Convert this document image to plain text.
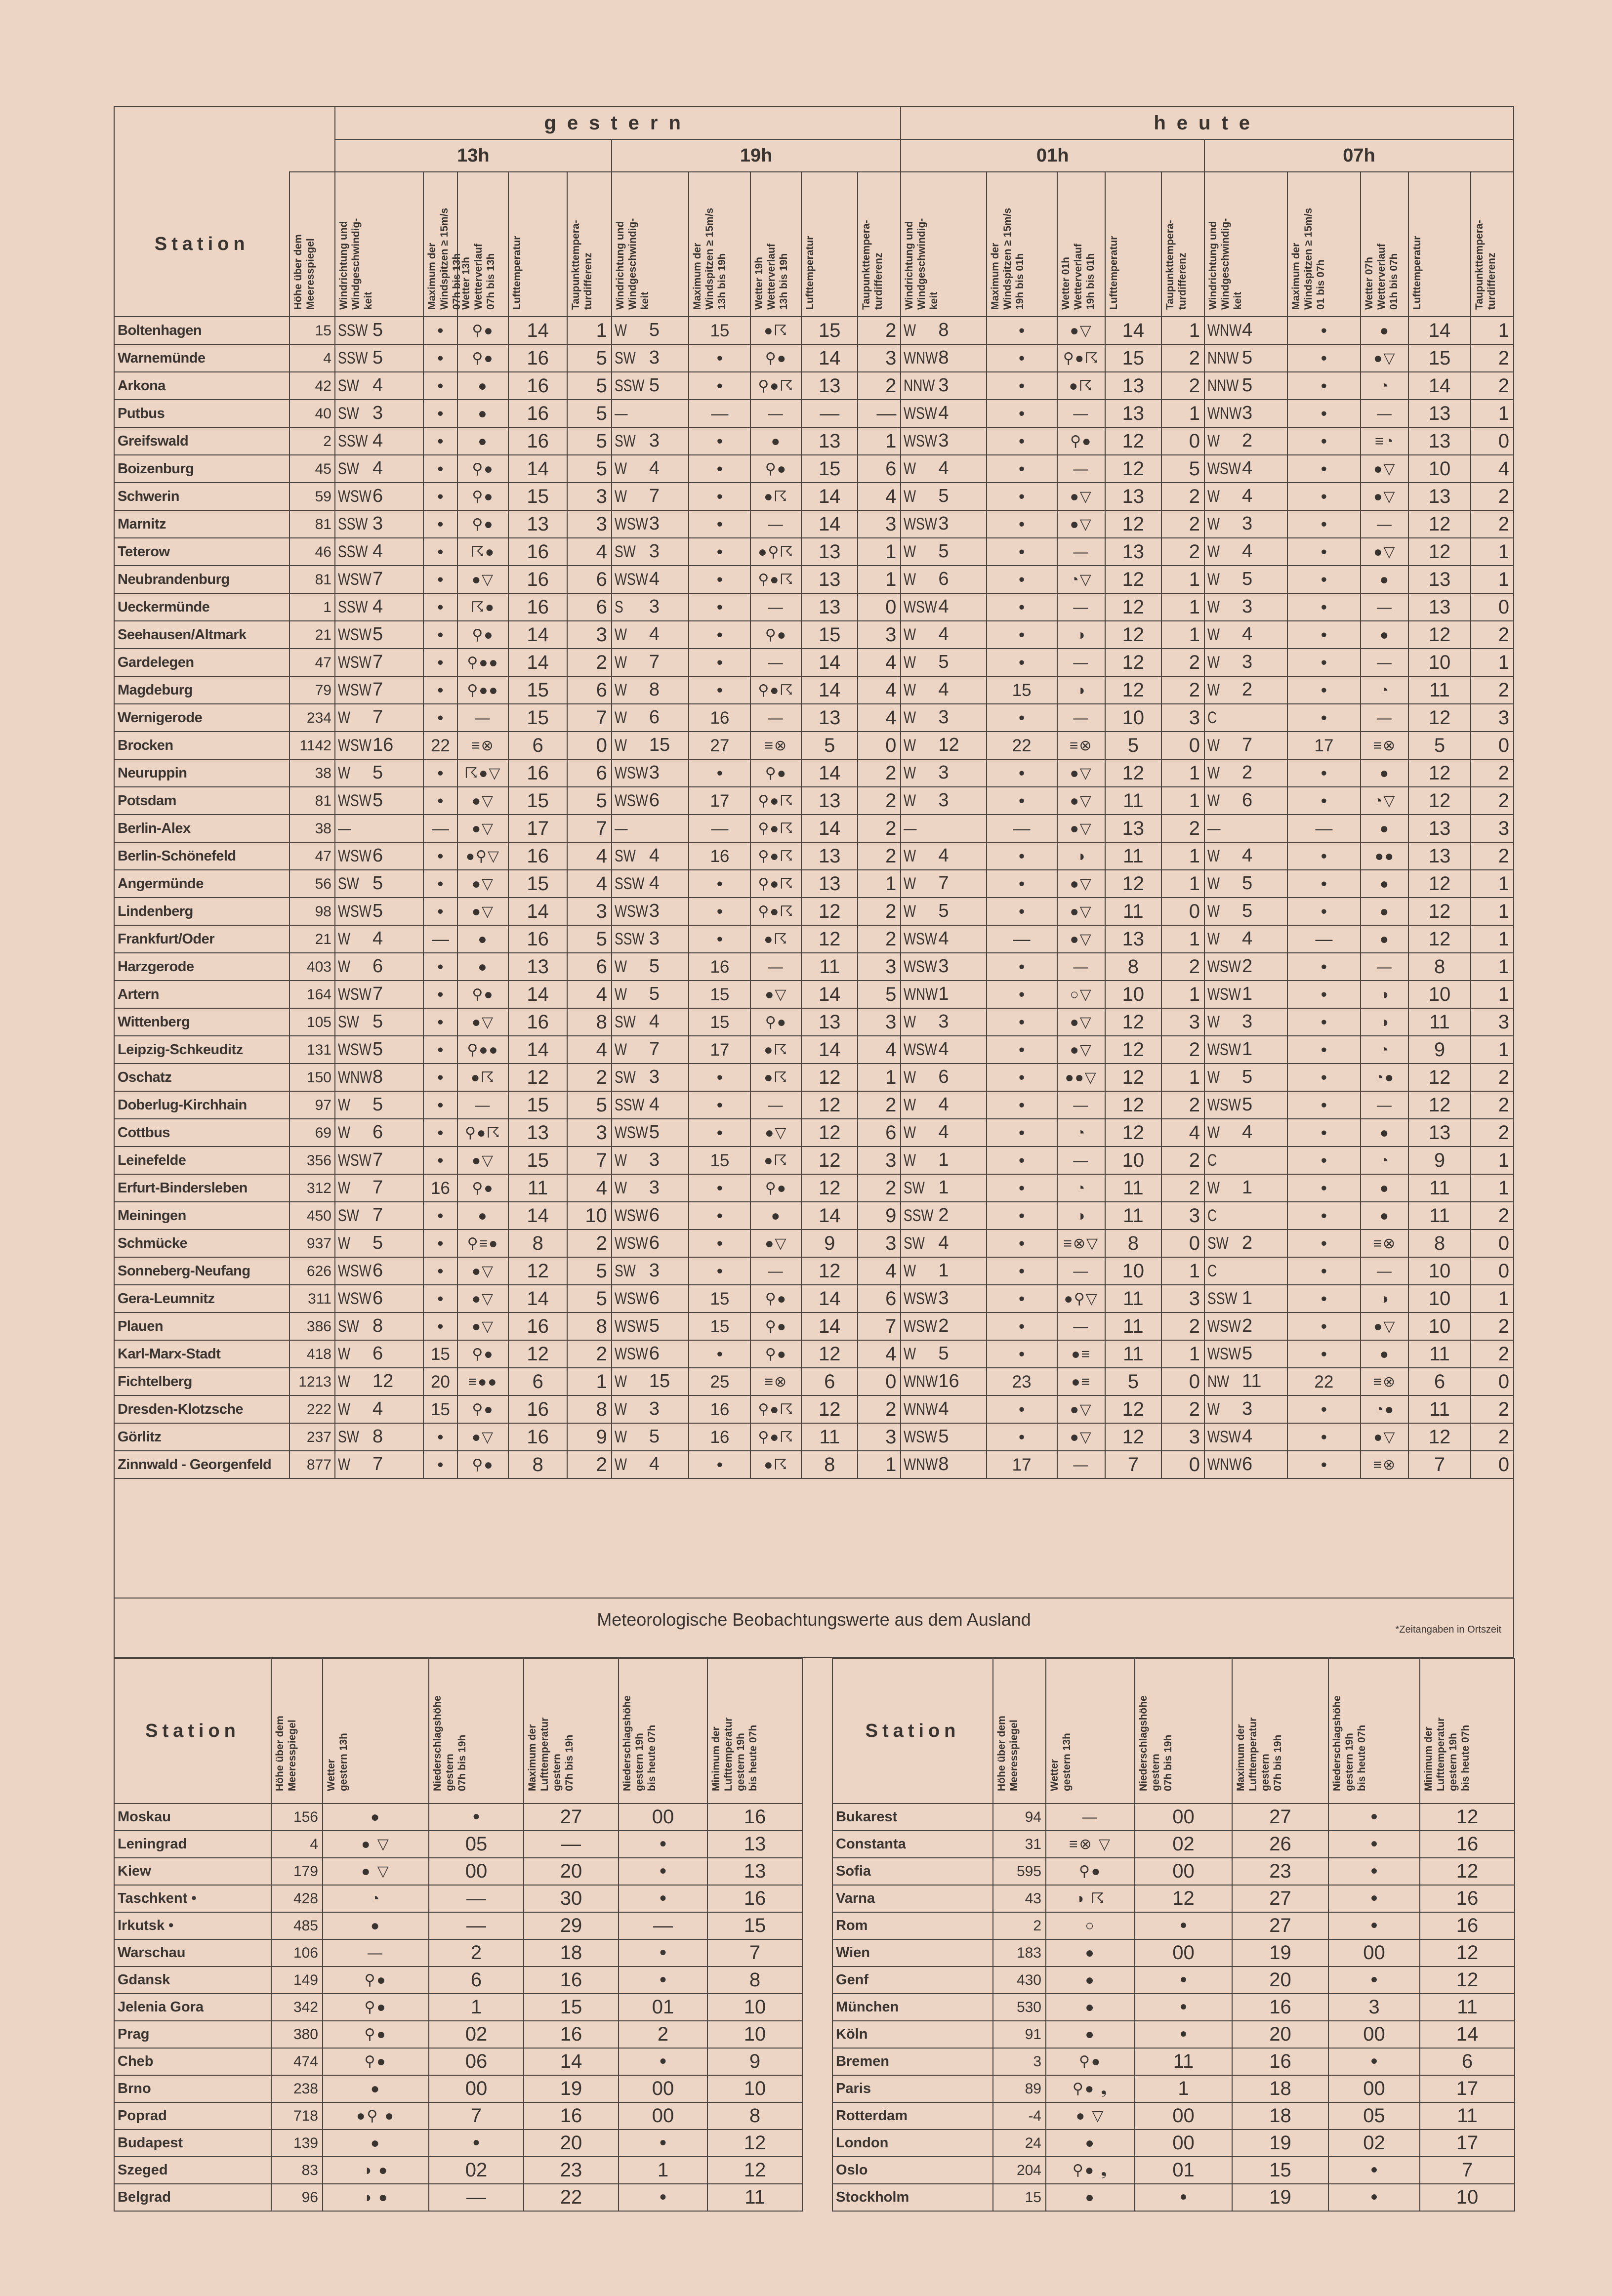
		gestern										heute									
		13h					19h					01h					07h				
Station	Höhe über dem
Meeresspiegel	Windrichtung und
Windgeschwindig-
keit	Maximum der
Windspitzen ≥ 15m/s
07h bis 13h	Wetter 13h
Wetterverlauf
07h bis 13h	Lufttemperatur	Taupunkttempera-
turdifferenz	Windrichtung und
Windgeschwindig-
keit	Maximum der
Windspitzen ≥ 15m/s
13h bis 19h	Wetter 19h
Wetterverlauf
13h bis 19h	Lufttemperatur	Taupunkttempera-
turdifferenz	Windrichtung und
Windgeschwindig-
keit	Maximum der
Windspitzen ≥ 15m/s
19h bis 01h	Wetter 01h
Wetterverlauf
19h bis 01h	Lufttemperatur	Taupunkttempera-
turdifferenz	Windrichtung und
Windgeschwindig-
keit	Maximum der
Windspitzen ≥ 15m/s
01 bis 07h	Wetter 07h
Wetterverlauf
01h bis 07h	Lufttemperatur	Taupunkttempera-
turdifferenz
Boltenhagen	15	SSW 5	•	⚲●	14	1	W 5	15	●☈	15	2	W 8	•	●▽	14	1	WNW4	•	●	14	1
Warnemünde	4	SSW 5	•	⚲●	16	5	SW 3	•	⚲●	14	3	WNW8	•	⚲●☈	15	2	NNW 5	•	●▽	15	2
Arkona	42	SW 4	•	●	16	5	SSW 5	•	⚲●☈	13	2	NNW 3	•	●☈	13	2	NNW 5	•	◔	14	2
Putbus	40	SW 3	•	●	16	5	—	—	—	—	—	WSW4	•	—	13	1	WNW3	•	—	13	1
Greifswald	2	SSW 4	•	●	16	5	SW 3	•	●	13	1	WSW3	•	⚲●	12	0	W 2	•	≡◔	13	0
Boizenburg	45	SW 4	•	⚲●	14	5	W 4	•	⚲●	15	6	W 4	•	—	12	5	WSW4	•	●▽	10	4
Schwerin	59	WSW6	•	⚲●	15	3	W 7	•	●☈	14	4	W 5	•	●▽	13	2	W 4	•	●▽	13	2
Marnitz	81	SSW 3	•	⚲●	13	3	WSW3	•	—	14	3	WSW3	•	●▽	12	2	W 3	•	—	12	2
Teterow	46	SSW 4	•	☈●	16	4	SW 3	•	●⚲☈	13	1	W 5	•	—	13	2	W 4	•	●▽	12	1
Neubrandenburg	81	WSW7	•	●▽	16	6	WSW4	•	⚲●☈	13	1	W 6	•	◔▽	12	1	W 5	•	●	13	1
Ueckermünde	1	SSW 4	•	☈●	16	6	S 3	•	—	13	0	WSW4	•	—	12	1	W 3	•	—	13	0
Seehausen/Altmark	21	WSW5	•	⚲●	14	3	W 4	•	⚲●	15	3	W 4	•	◑	12	1	W 4	•	●	12	2
Gardelegen	47	WSW7	•	⚲●●	14	2	W 7	•	—	14	4	W 5	•	—	12	2	W 3	•	—	10	1
Magdeburg	79	WSW7	•	⚲●●	15	6	W 8	•	⚲●☈	14	4	W 4	15	◑	12	2	W 2	•	◔	11	2
Wernigerode	234	W 7	•	—	15	7	W 6	16	—	13	4	W 3	•	—	10	3	C	•	—	12	3
Brocken	1142	WSW16	22	≡⊗	6	0	W 15	27	≡⊗	5	0	W 12	22	≡⊗	5	0	W 7	17	≡⊗	5	0
Neuruppin	38	W 5	•	☈●▽	16	6	WSW3	•	⚲●	14	2	W 3	•	●▽	12	1	W 2	•	●	12	2
Potsdam	81	WSW5	•	●▽	15	5	WSW6	17	⚲●☈	13	2	W 3	•	●▽	11	1	W 6	•	◔▽	12	2
Berlin-Alex	38	—	—	●▽	17	7	—	—	⚲●☈	14	2	—	—	●▽	13	2	—	—	●	13	3
Berlin-Schönefeld	47	WSW6	•	●⚲▽	16	4	SW 4	16	⚲●☈	13	2	W 4	•	◑	11	1	W 4	•	●●	13	2
Angermünde	56	SW 5	•	●▽	15	4	SSW 4	•	⚲●☈	13	1	W 7	•	●▽	12	1	W 5	•	●	12	1
Lindenberg	98	WSW5	•	●▽	14	3	WSW3	•	⚲●☈	12	2	W 5	•	●▽	11	0	W 5	•	●	12	1
Frankfurt/Oder	21	W 4	—	●	16	5	SSW 3	•	●☈	12	2	WSW4	—	●▽	13	1	W 4	—	●	12	1
Harzgerode	403	W 6	•	●	13	6	W 5	16	—	11	3	WSW3	•	—	8	2	WSW2	•	—	8	1
Artern	164	WSW7	•	⚲●	14	4	W 5	15	●▽	14	5	WNW1	•	○▽	10	1	WSW1	•	◑	10	1
Wittenberg	105	SW 5	•	●▽	16	8	SW 4	15	⚲●	13	3	W 3	•	●▽	12	3	W 3	•	◑	11	3
Leipzig-Schkeuditz	131	WSW5	•	⚲●●	14	4	W 7	17	●☈	14	4	WSW4	•	●▽	12	2	WSW1	•	◔	9	1
Oschatz	150	WNW8	•	●☈	12	2	SW 3	•	●☈	12	1	W 6	•	●●▽	12	1	W 5	•	◔●	12	2
Doberlug-Kirchhain	97	W 5	•	—	15	5	SSW 4	•	—	12	2	W 4	•	—	12	2	WSW5	•	—	12	2
Cottbus	69	W 6	•	⚲●☈	13	3	WSW5	•	●▽	12	6	W 4	•	◔	12	4	W 4	•	●	13	2
Leinefelde	356	WSW7	•	●▽	15	7	W 3	15	●☈	12	3	W 1	•	—	10	2	C	•	◔	9	1
Erfurt-Bindersleben	312	W 7	16	⚲●	11	4	W 3	•	⚲●	12	2	SW 1	•	◔	11	2	W 1	•	●	11	1
Meiningen	450	SW 7	•	●	14	10	WSW6	•	●	14	9	SSW 2	•	◑	11	3	C	•	●	11	2
Schmücke	937	W 5	•	⚲≡●	8	2	WSW6	•	●▽	9	3	SW 4	•	≡⊗▽	8	0	SW 2	•	≡⊗	8	0
Sonneberg-Neufang	626	WSW6	•	●▽	12	5	SW 3	•	—	12	4	W 1	•	—	10	1	C	•	—	10	0
Gera-Leumnitz	311	WSW6	•	●▽	14	5	WSW6	15	⚲●	14	6	WSW3	•	●⚲▽	11	3	SSW 1	•	◑	10	1
Plauen	386	SW 8	•	●▽	16	8	WSW5	15	⚲●	14	7	WSW2	•	—	11	2	WSW2	•	●▽	10	2
Karl-Marx-Stadt	418	W 6	15	⚲●	12	2	WSW6	•	⚲●	12	4	W 5	•	●≡	11	1	WSW5	•	●	11	2
Fichtelberg	1213	W 12	20	≡●●	6	1	W 15	25	≡⊗	6	0	WNW16	23	●≡	5	0	NW 11	22	≡⊗	6	0
Dresden-Klotzsche	222	W 4	15	⚲●	16	8	W 3	16	⚲●☈	12	2	WNW4	•	●▽	12	2	W 3	•	◔●	11	2
Görlitz	237	SW 8	•	●▽	16	9	W 5	16	⚲●☈	11	3	WSW5	•	●▽	12	3	WSW4	•	●▽	12	2
Zinnwald - Georgenfeld	877	W 7	•	⚲●	8	2	W 4	•	●☈	8	1	WNW8	17	—	7	0	WNW6	•	≡⊗	7	0
Meteorologische Beobachtungswerte aus dem Ausland	*Zeitangaben in Ortszeit
Station	Höhe über dem
Meeresspiegel	Wetter
gestern 13h	Niederschlagshöhe
gestern
07h bis 19h	Maximum der
Lufttemperatur
gestern
07h bis 19h	Niederschlagshöhe
gestern 19h
bis heute 07h	Minimum der
Lufttemperatur
gestern 19h
bis heute 07h
Moskau	156	●	•	27	00	16
Leningrad	4	● ▽	05	—	•	13
Kiew	179	● ▽	00	20	•	13
Taschkent •	428	◔	—	30	•	16
Irkutsk •	485	●	—	29	—	15
Warschau	106	—	2	18	•	7
Gdansk	149	⚲●	6	16	•	8
Jelenia Gora	342	⚲●	1	15	01	10
Prag	380	⚲●	02	16	2	10
Cheb	474	⚲●	06	14	•	9
Brno	238	●	00	19	00	10
Poprad	718	●⚲ ●	7	16	00	8
Budapest	139	●	•	20	•	12
Szeged	83	◑ ●	02	23	1	12
Belgrad	96	◑ ●	—	22	•	11
Station	Höhe über dem
Meeresspiegel	Wetter
gestern 13h	Niederschlagshöhe
gestern
07h bis 19h	Maximum der
Lufttemperatur
gestern
07h bis 19h	Niederschlagshöhe
gestern 19h
bis heute 07h	Minimum der
Lufttemperatur
gestern 19h
bis heute 07h
Bukarest	94	—	00	27	•	12
Constanta	31	≡⊗ ▽	02	26	•	16
Sofia	595	⚲●	00	23	•	12
Varna	43	◑ ☈	12	27	•	16
Rom	2	○	•	27	•	16
Wien	183	●	00	19	00	12
Genf	430	●	•	20	•	12
München	530	●	•	16	3	11
Köln	91	●	•	20	00	14
Bremen	3	⚲●	11	16	•	6
Paris	89	⚲● ❟	1	18	00	17
Rotterdam	-4	● ▽	00	18	05	11
London	24	●	00	19	02	17
Oslo	204	⚲● ❟	01	15	•	7
Stockholm	15	●	•	19	•	10
